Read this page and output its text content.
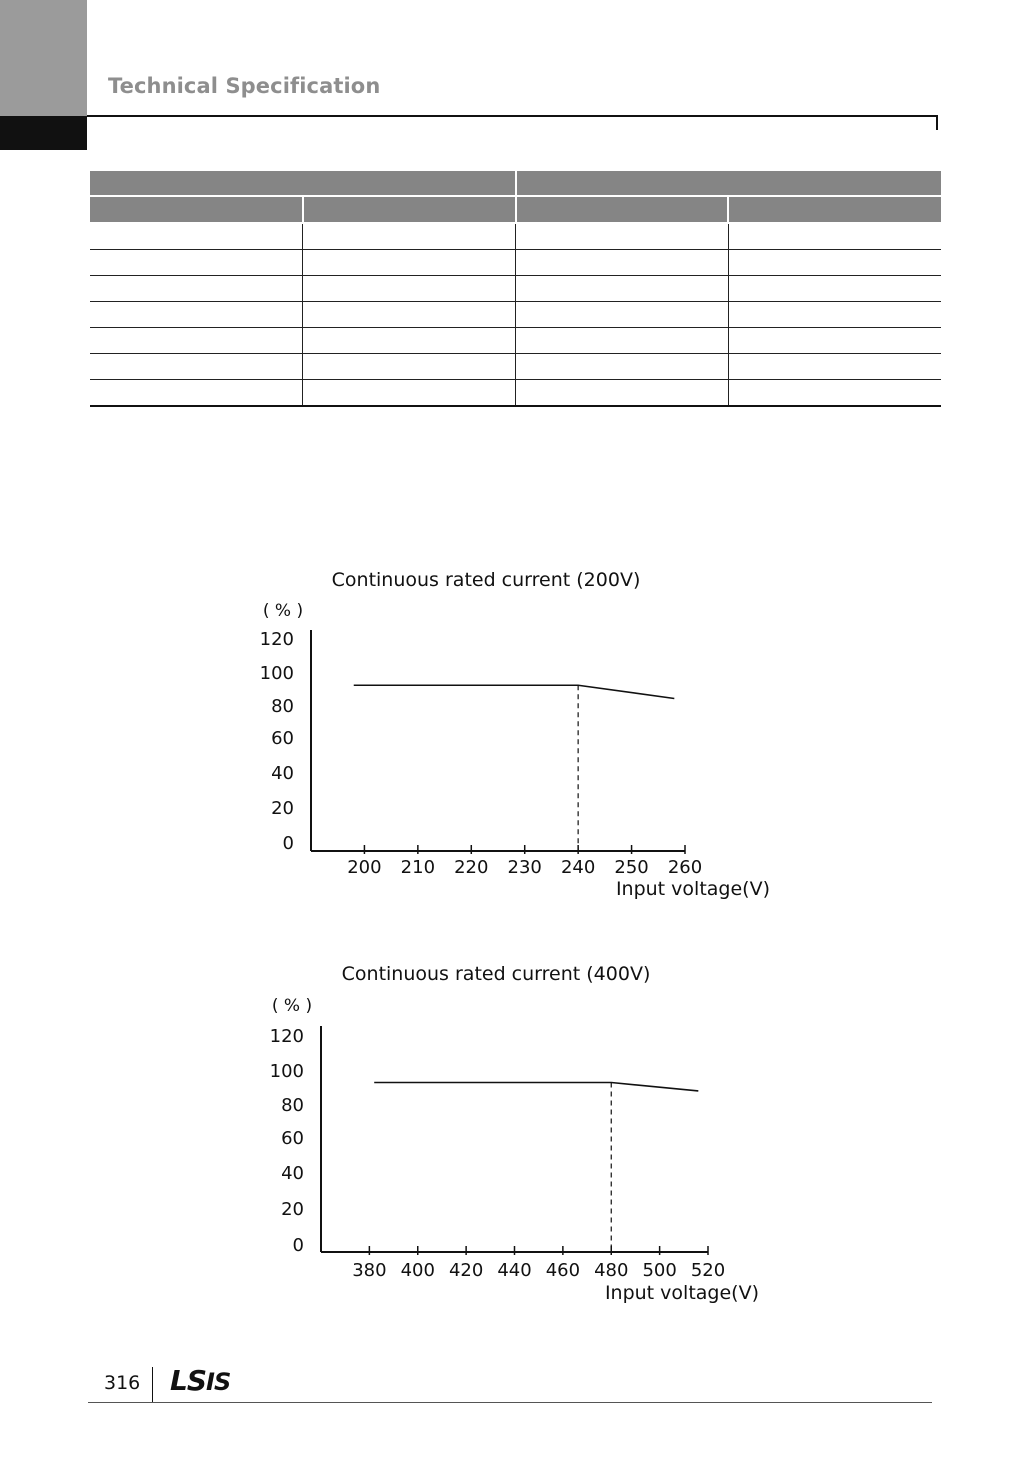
Technical Specification

Continuous rated current (200V)
( % )
0
20
40
60
80
100
120
200 210 220 230 240 250 260
Input voltage(V)
Continuous rated current (400V)
( % )
0
20
40
60
80
100
120
380 400 420 440 460 480 500 520
Input voltage(V)
316 LSIS
